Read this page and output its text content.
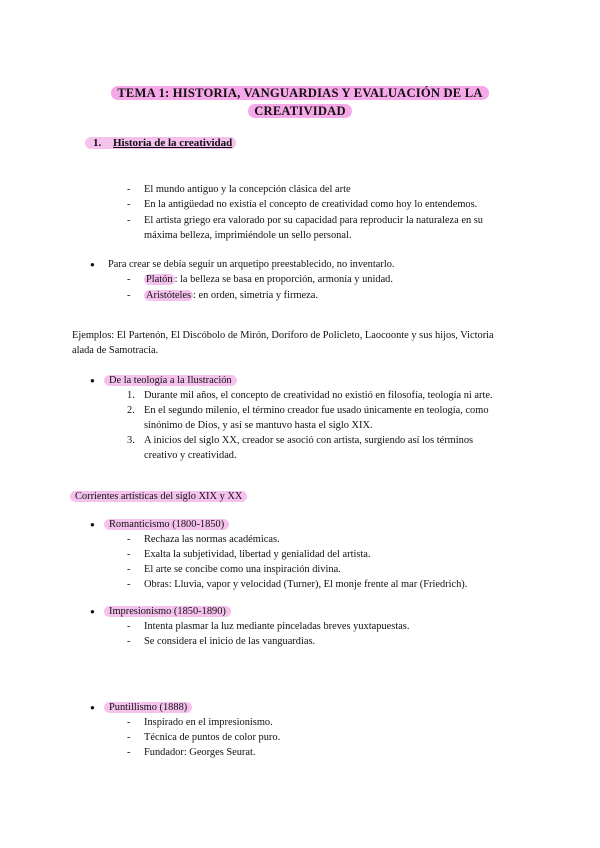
TEMA 1: HISTORIA, VANGUARDIAS Y EVALUACIÓN DE LA CREATIVIDAD
1. Historia de la creatividad
- El mundo antiguo y la concepción clásica del arte
- En la antigüedad no existía el concepto de creatividad como hoy lo entendemos.
- El artista griego era valorado por su capacidad para reproducir la naturaleza en su
máxima belleza, imprimiéndole un sello personal.
● Para crear se debía seguir un arquetipo preestablecido, no inventarlo.
- Platón : la belleza se basa en proporción, armonía y unidad.
- Aristóteles : en orden, simetría y firmeza.
Ejemplos: El Partenón, El Discóbolo de Mirón, Doríforo de Policleto, Laocoonte y sus hijos, Victoria
alada de Samotracia.
●	De la teología a la Ilustración
1. Durante mil años, el concepto de creatividad no existió en filosofía, teología ni arte.
2. En el segundo milenio, el término creador fue usado únicamente en teología, como
sinónimo de Dios, y así se mantuvo hasta el siglo XIX.
3. A inicios del siglo XX, creador se asoció con artista, surgiendo así los términos
creativo y creatividad.
Corrientes artísticas del siglo XIX y XX
●	Romanticismo (1800-1850)
- Rechaza las normas académicas.
- Exalta la subjetividad, libertad y genialidad del artista.
- El arte se concibe como una inspiración divina.
- Obras: Lluvia, vapor y velocidad (Turner), El monje frente al mar (Friedrich).
●	Impresionismo (1850-1890)
- Intenta plasmar la luz mediante pinceladas breves yuxtapuestas.
- Se considera el inicio de las vanguardias.
●	Puntillismo (1888)
- Inspirado en el impresionismo.
- Técnica de puntos de color puro.
- Fundador: Georges Seurat.
